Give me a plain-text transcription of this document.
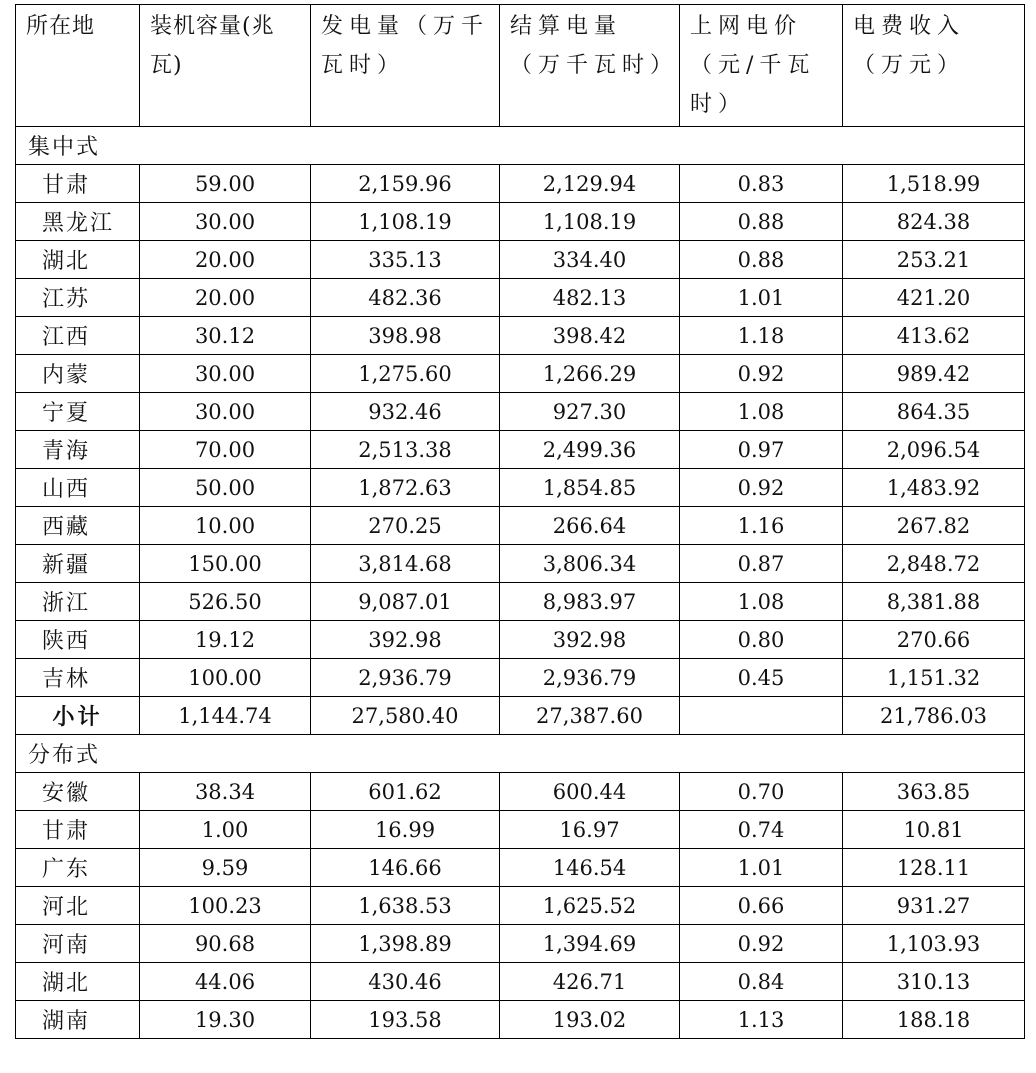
所在地	装机容量(兆瓦)	发电量（万千瓦时）	结算电量（万千瓦时）	上网电价（元/千瓦时）	电费收入（万元）
集中式					
甘肃	59.00	2,159.96	2,129.94	0.83	1,518.99
黑龙江	30.00	1,108.19	1,108.19	0.88	824.38
湖北	20.00	335.13	334.40	0.88	253.21
江苏	20.00	482.36	482.13	1.01	421.20
江西	30.12	398.98	398.42	1.18	413.62
内蒙	30.00	1,275.60	1,266.29	0.92	989.42
宁夏	30.00	932.46	927.30	1.08	864.35
青海	70.00	2,513.38	2,499.36	0.97	2,096.54
山西	50.00	1,872.63	1,854.85	0.92	1,483.92
西藏	10.00	270.25	266.64	1.16	267.82
新疆	150.00	3,814.68	3,806.34	0.87	2,848.72
浙江	526.50	9,087.01	8,983.97	1.08	8,381.88
陕西	19.12	392.98	392.98	0.80	270.66
吉林	100.00	2,936.79	2,936.79	0.45	1,151.32
小计	1,144.74	27,580.40	27,387.60		21,786.03
分布式					
安徽	38.34	601.62	600.44	0.70	363.85
甘肃	1.00	16.99	16.97	0.74	10.81
广东	9.59	146.66	146.54	1.01	128.11
河北	100.23	1,638.53	1,625.52	0.66	931.27
河南	90.68	1,398.89	1,394.69	0.92	1,103.93
湖北	44.06	430.46	426.71	0.84	310.13
湖南	19.30	193.58	193.02	1.13	188.18
